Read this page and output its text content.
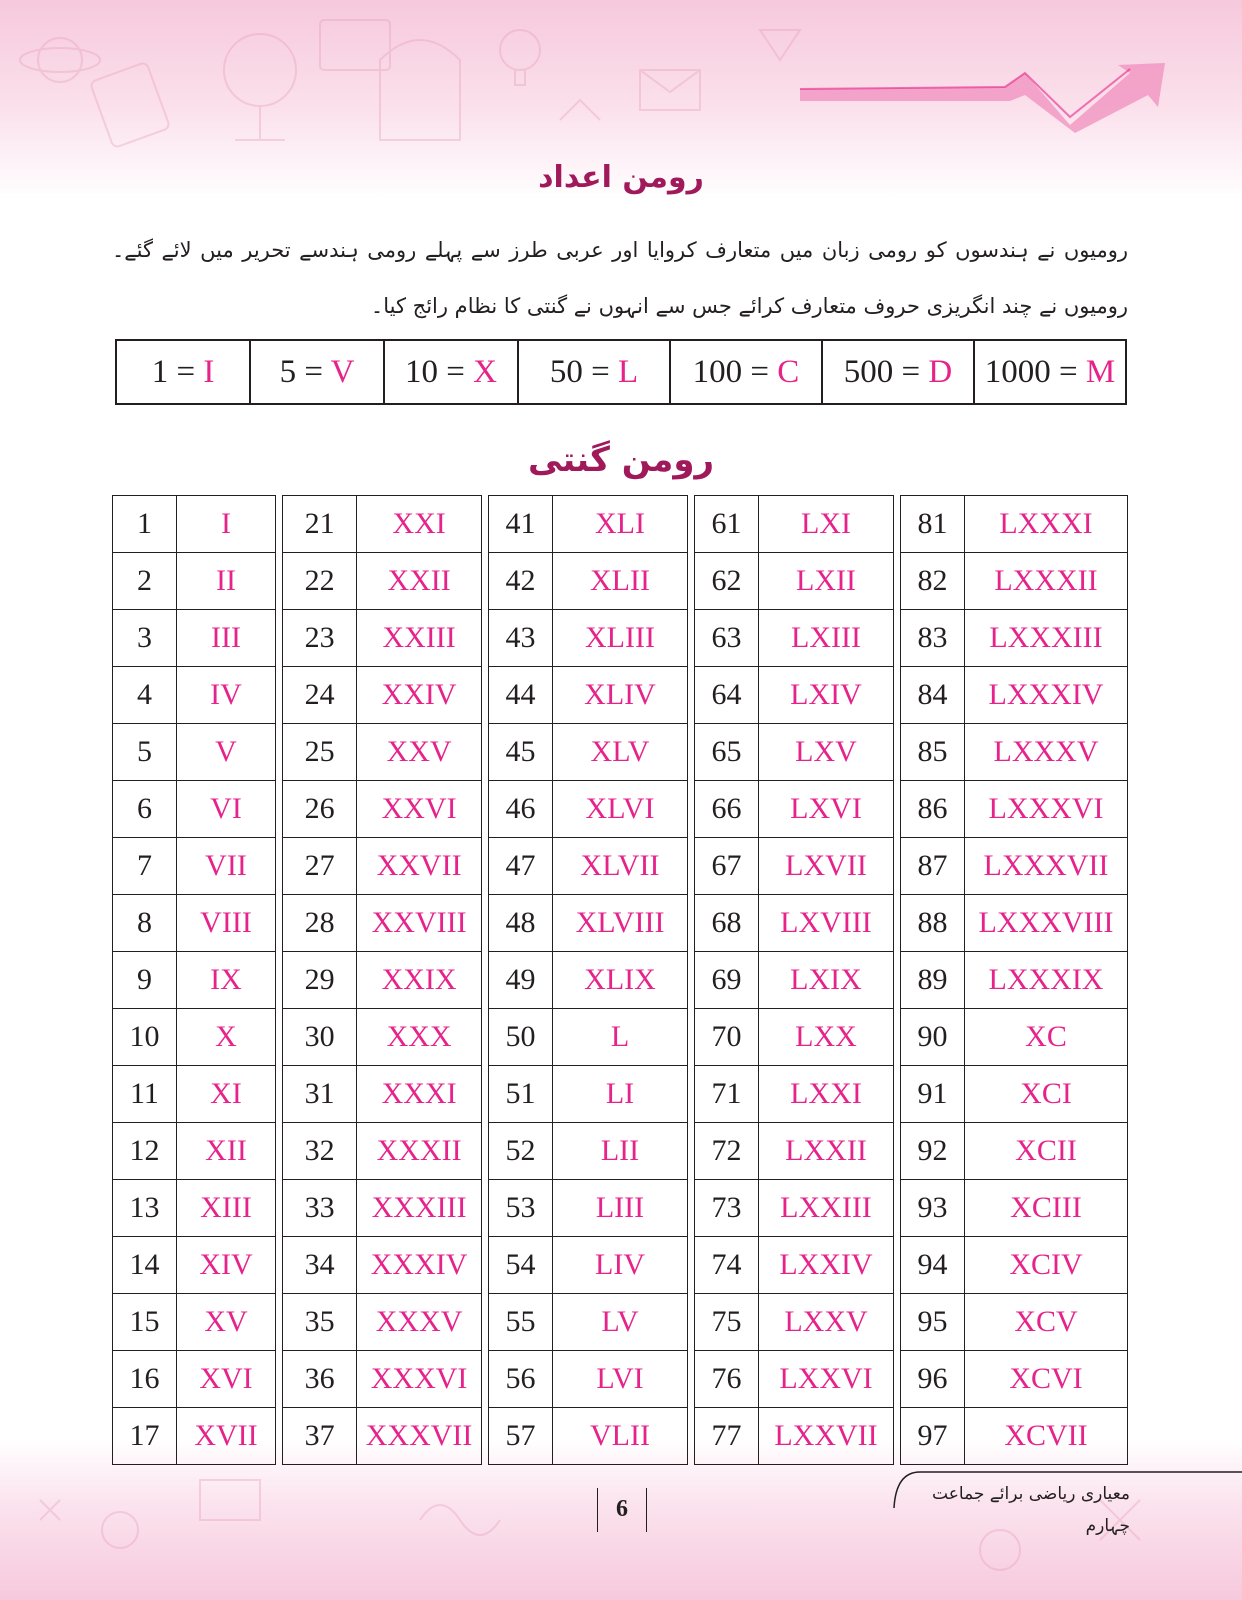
رومن اعداد
رومیوں نے ہندسوں کو رومی زبان میں متعارف کروایا اور عربی طرز سے پہلے رومی ہندسے تحریر میں لائے گئے۔ رومیوں نے چند انگریزی حروف متعارف کرائے جس سے انہوں نے گنتی کا نظام رائج کیا۔
1 = I	5 = V	10 = X	50 = L	100 = C	500 = D	1000 = M
رومن گنتی
1	I
2	II
3	III
4	IV
5	V
6	VI
7	VII
8	VIII
9	IX
10	X
11	XI
12	XII
13	XIII
14	XIV
15	XV
16	XVI
17	XVII
21	XXI
22	XXII
23	XXIII
24	XXIV
25	XXV
26	XXVI
27	XXVII
28	XXVIII
29	XXIX
30	XXX
31	XXXI
32	XXXII
33	XXXIII
34	XXXIV
35	XXXV
36	XXXVI
37	XXXVII
41	XLI
42	XLII
43	XLIII
44	XLIV
45	XLV
46	XLVI
47	XLVII
48	XLVIII
49	XLIX
50	L
51	LI
52	LII
53	LIII
54	LIV
55	LV
56	LVI
57	VLII
61	LXI
62	LXII
63	LXIII
64	LXIV
65	LXV
66	LXVI
67	LXVII
68	LXVIII
69	LXIX
70	LXX
71	LXXI
72	LXXII
73	LXXIII
74	LXXIV
75	LXXV
76	LXXVI
77	LXXVII
81	LXXXI
82	LXXXII
83	LXXXIII
84	LXXXIV
85	LXXXV
86	LXXXVI
87	LXXXVII
88	LXXXVIII
89	LXXXIX
90	XC
91	XCI
92	XCII
93	XCIII
94	XCIV
95	XCV
96	XCVI
97	XCVII
معیاری ریاضی برائے جماعت چہارم
6
